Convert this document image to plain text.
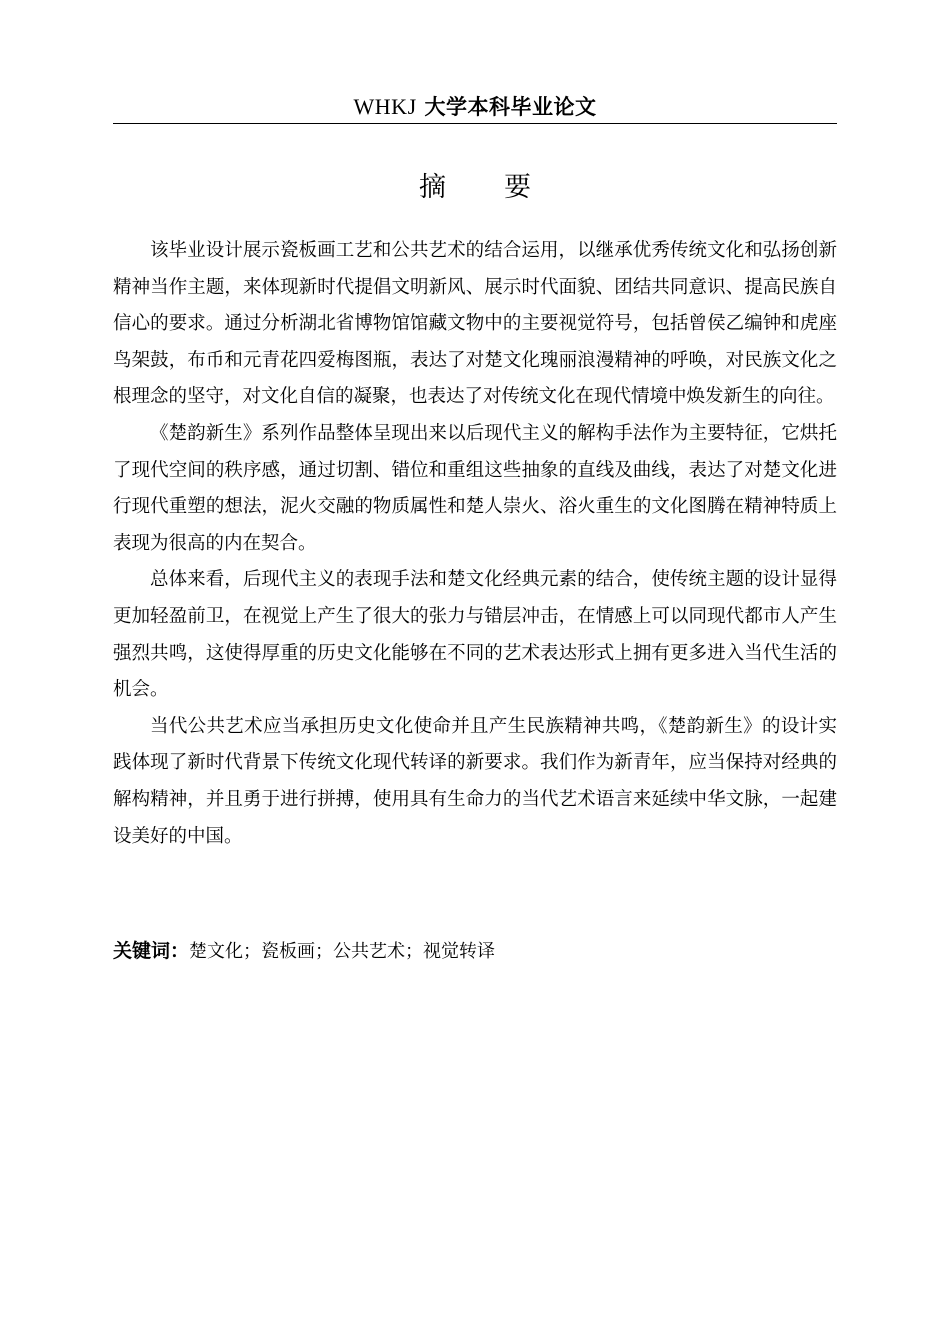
WHKJ 大学本科毕业论文
摘要

该毕业设计展示瓷板画工艺和公共艺术的结合运用，以继承优秀传统文化和弘扬创新精神当作主题，来体现新时代提倡文明新风、展示时代面貌、团结共同意识、提高民族自信心的要求。通过分析湖北省博物馆馆藏文物中的主要视觉符号，包括曾侯乙编钟和虎座鸟架鼓，布币和元青花四爱梅图瓶，表达了对楚文化瑰丽浪漫精神的呼唤，对民族文化之根理念的坚守，对文化自信的凝聚，也表达了对传统文化在现代情境中焕发新生的向往。

《楚韵新生》系列作品整体呈现出来以后现代主义的解构手法作为主要特征，它烘托了现代空间的秩序感，通过切割、错位和重组这些抽象的直线及曲线，表达了对楚文化进行现代重塑的想法，泥火交融的物质属性和楚人崇火、浴火重生的文化图腾在精神特质上表现为很高的内在契合。

总体来看，后现代主义的表现手法和楚文化经典元素的结合，使传统主题的设计显得更加轻盈前卫，在视觉上产生了很大的张力与错层冲击，在情感上可以同现代都市人产生强烈共鸣，这使得厚重的历史文化能够在不同的艺术表达形式上拥有更多进入当代生活的机会。

当代公共艺术应当承担历史文化使命并且产生民族精神共鸣，《楚韵新生》的设计实践体现了新时代背景下传统文化现代转译的新要求。我们作为新青年，应当保持对经典的解构精神，并且勇于进行拼搏，使用具有生命力的当代艺术语言来延续中华文脉，一起建设美好的中国。

关键词：楚文化；瓷板画；公共艺术；视觉转译
